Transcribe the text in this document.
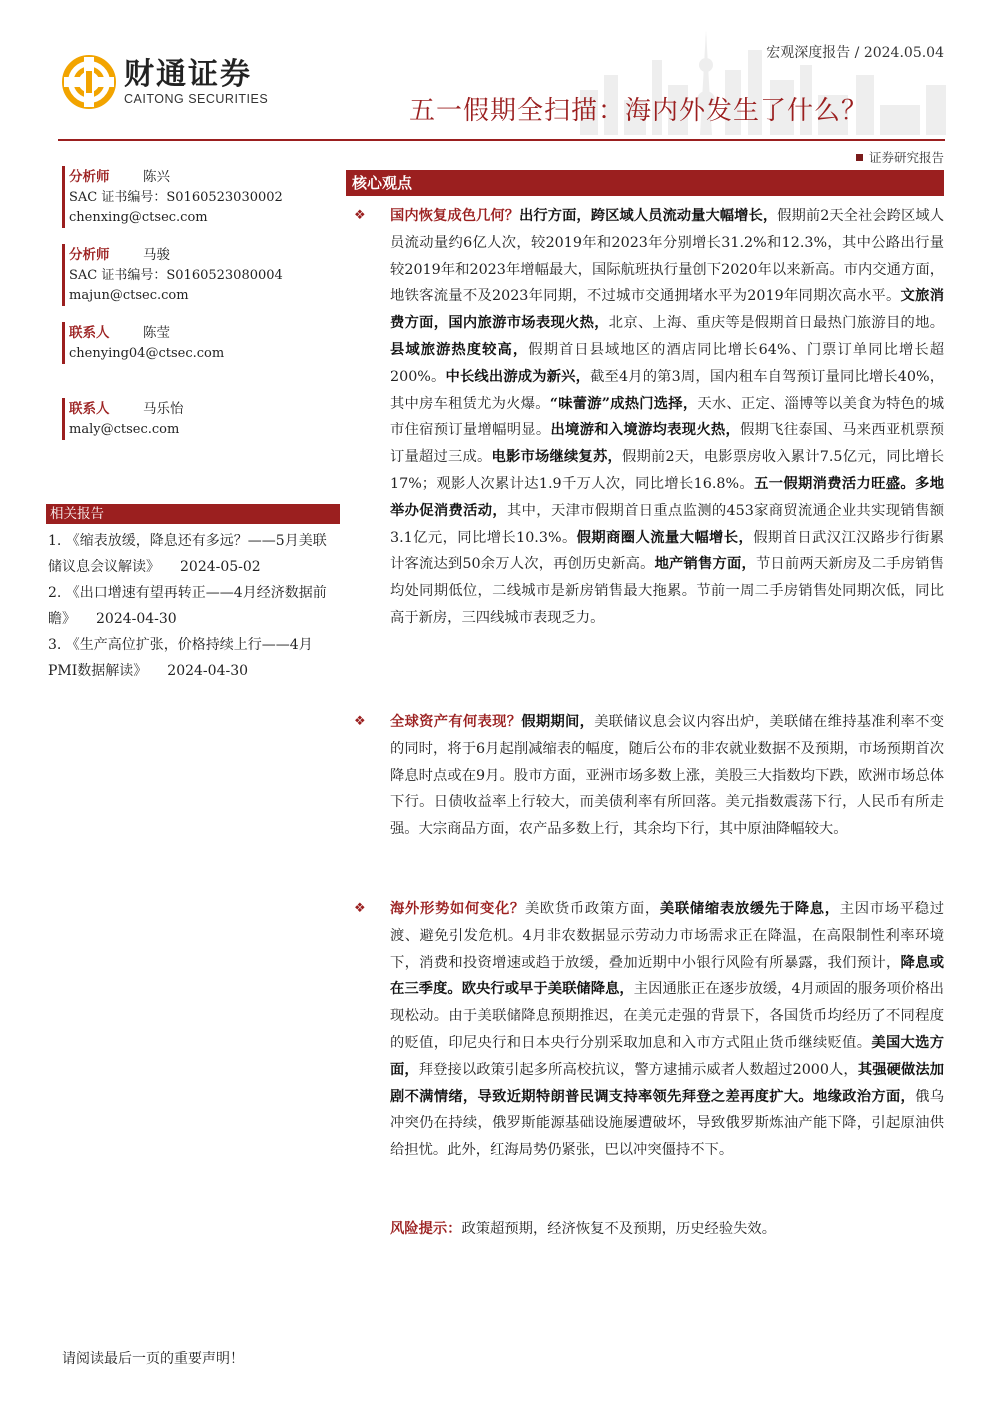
财通证券
CAITONG SECURITIES
宏观深度报告 / 2024.05.04
五一假期全扫描：海内外发生了什么？
证券研究报告
分析师	陈兴
SAC 证书编号：S0160523030002
chenxing@ctsec.com
分析师	马骏
SAC 证书编号：S0160523080004
majun@ctsec.com
联系人	陈莹
chenying04@ctsec.com
联系人	马乐怡
maly@ctsec.com
相关报告
1. 《缩表放缓，降息还有多远？——5月美联储议息会议解读》 2024-05-02
2. 《出口增速有望再转正——4月经济数据前瞻》 2024-04-30
3. 《生产高位扩张，价格持续上行——4月PMI数据解读》 2024-04-30
核心观点
❖ 国内恢复成色几何？出行方面，跨区域人员流动量大幅增长，假期前2天全社会跨区域人员流动量约6亿人次，较2019年和2023年分别增长31.2%和12.3%，其中公路出行量较2019年和2023年增幅最大，国际航班执行量创下2020年以来新高。市内交通方面，地铁客流量不及2023年同期，不过城市交通拥堵水平为2019年同期次高水平。文旅消费方面，国内旅游市场表现火热，北京、上海、重庆等是假期首日最热门旅游目的地。县域旅游热度较高，假期首日县域地区的酒店同比增长64%、门票订单同比增长超200%。中长线出游成为新兴，截至4月的第3周，国内租车自驾预订量同比增长40%，其中房车租赁尤为火爆。“味蕾游”成热门选择，天水、正定、淄博等以美食为特色的城市住宿预订量增幅明显。出境游和入境游均表现火热，假期飞往泰国、马来西亚机票预订量超过三成。电影市场继续复苏，假期前2天，电影票房收入累计7.5亿元，同比增长17%；观影人次累计达1.9千万人次，同比增长16.8%。五一假期消费活力旺盛。多地举办促消费活动，其中，天津市假期首日重点监测的453家商贸流通企业共实现销售额3.1亿元，同比增长10.3%。假期商圈人流量大幅增长，假期首日武汉江汉路步行街累计客流达到50余万人次，再创历史新高。地产销售方面，节日前两天新房及二手房销售均处同期低位，二线城市是新房销售最大拖累。节前一周二手房销售处同期次低，同比高于新房，三四线城市表现乏力。
❖ 全球资产有何表现？假期期间，美联储议息会议内容出炉，美联储在维持基准利率不变的同时，将于6月起削减缩表的幅度，随后公布的非农就业数据不及预期，市场预期首次降息时点或在9月。股市方面，亚洲市场多数上涨，美股三大指数均下跌，欧洲市场总体下行。日债收益率上行较大，而美债利率有所回落。美元指数震荡下行，人民币有所走强。大宗商品方面，农产品多数上行，其余均下行，其中原油降幅较大。
❖ 海外形势如何变化？美欧货币政策方面，美联储缩表放缓先于降息，主因市场平稳过渡、避免引发危机。4月非农数据显示劳动力市场需求正在降温，在高限制性利率环境下，消费和投资增速或趋于放缓，叠加近期中小银行风险有所暴露，我们预计，降息或在三季度。欧央行或早于美联储降息，主因通胀正在逐步放缓，4月顽固的服务项价格出现松动。由于美联储降息预期推迟，在美元走强的背景下，各国货币均经历了不同程度的贬值，印尼央行和日本央行分别采取加息和入市方式阻止货币继续贬值。美国大选方面，拜登接以政策引起多所高校抗议，警方逮捕示威者人数超过2000人，其强硬做法加剧不满情绪，导致近期特朗普民调支持率领先拜登之差再度扩大。地缘政治方面，俄乌冲突仍在持续，俄罗斯能源基础设施屡遭破坏，导致俄罗斯炼油产能下降，引起原油供给担忧。此外，红海局势仍紧张，巴以冲突僵持不下。
风险提示：政策超预期，经济恢复不及预期，历史经验失效。
请阅读最后一页的重要声明！
